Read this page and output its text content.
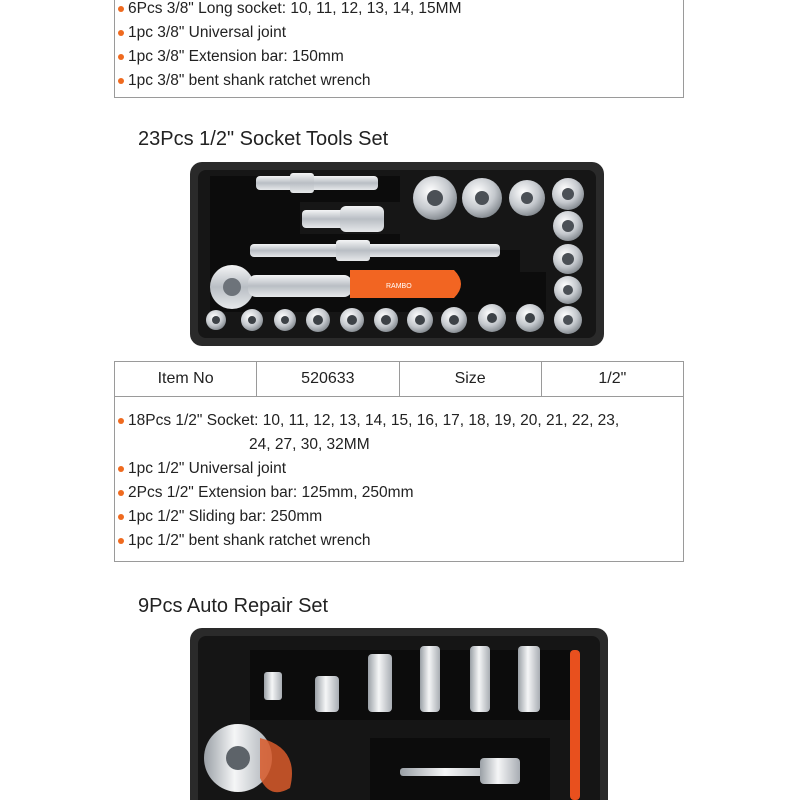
6Pcs 3/8" Long socket: 10, 11, 12, 13, 14, 15MM
1pc 3/8" Universal joint
1pc 3/8" Extension bar: 150mm
1pc 3/8" bent shank ratchet wrench
23Pcs 1/2" Socket Tools Set
RAMBO
Item No	520633	Size	1/2"
18Pcs 1/2" Socket: 10, 11, 12, 13, 14, 15, 16, 17, 18, 19, 20, 21, 22, 23,
24, 27, 30, 32MM
1pc 1/2" Universal joint
2Pcs 1/2" Extension bar: 125mm, 250mm
1pc 1/2" Sliding bar: 250mm
1pc 1/2" bent shank ratchet wrench
9Pcs Auto Repair Set
